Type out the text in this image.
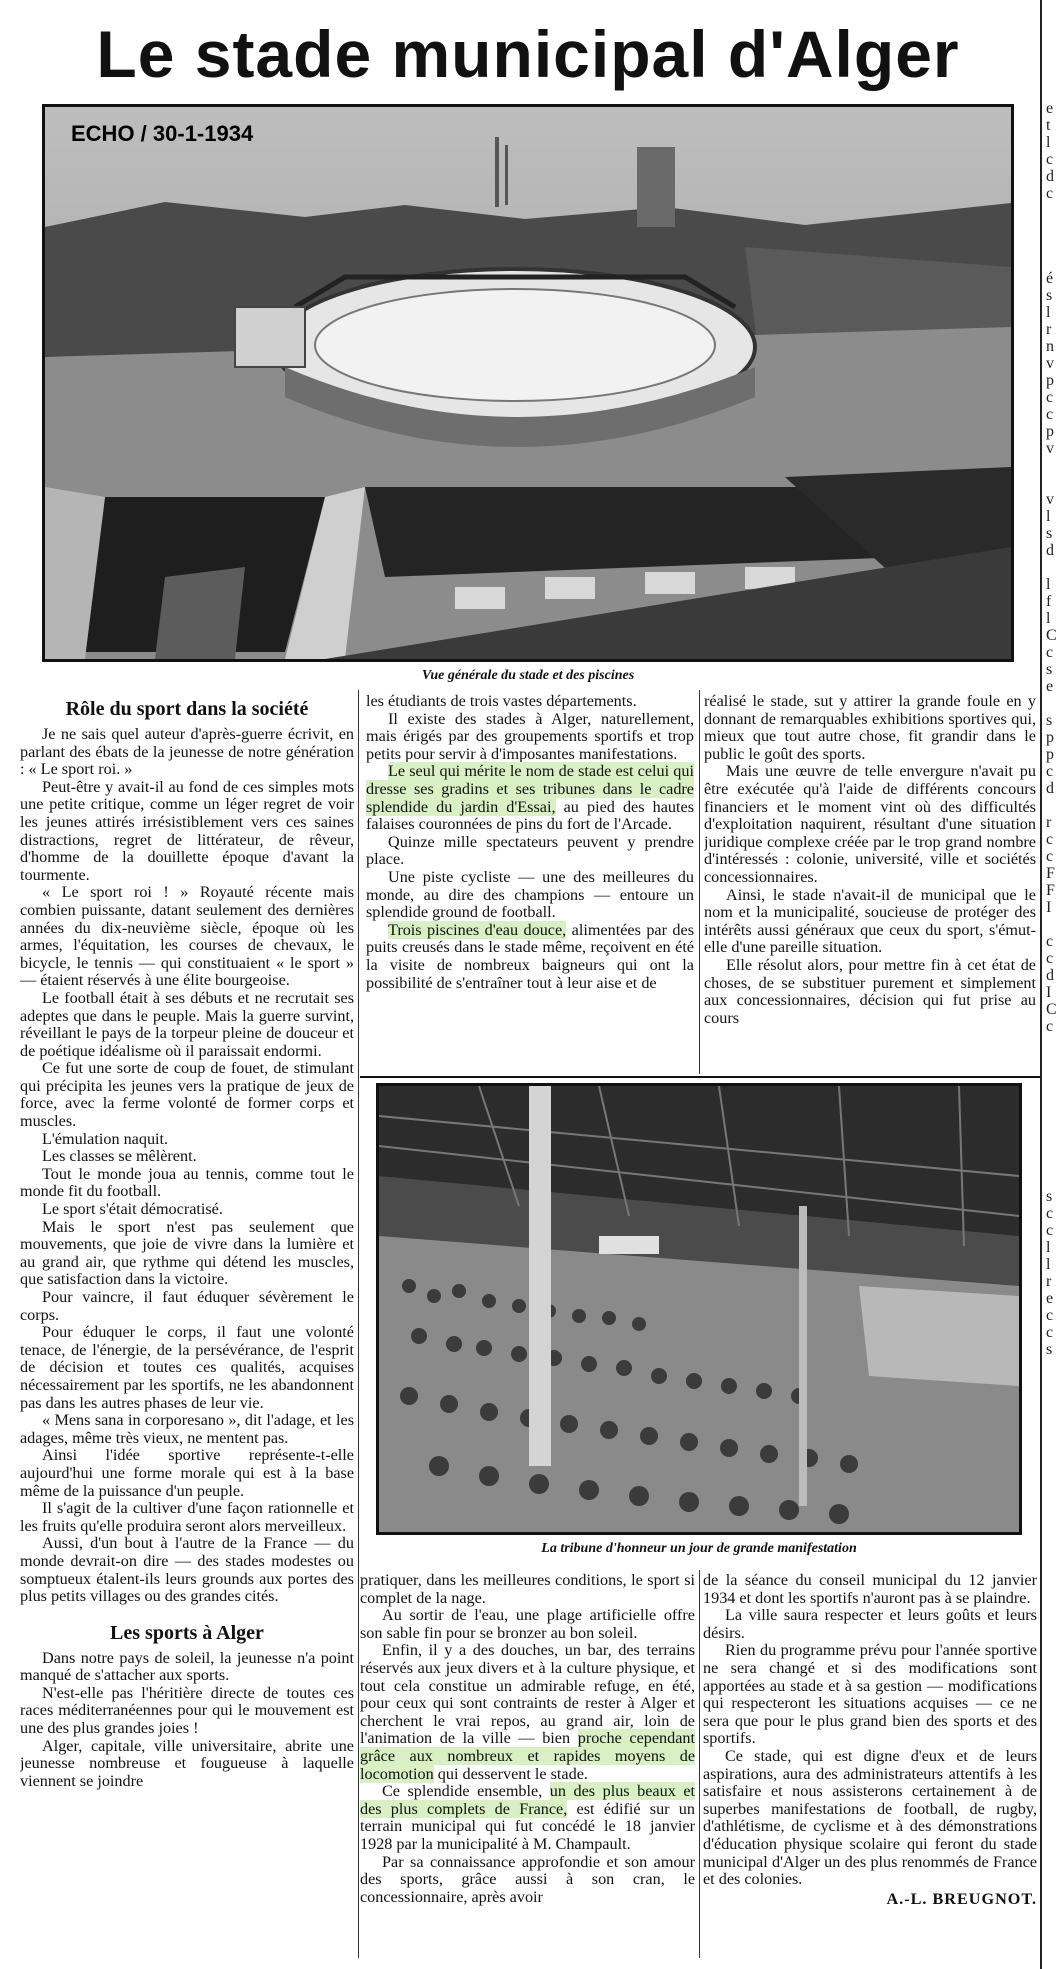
Le stade municipal d'Alger
e
t
l
c
d
c

é
s
l
r
n
v
p
c
c
p
v

v
l
s
d

l
f
l
C
c
s
e

s
p
p
c
d

r
c
c
F
F
I

c
c
d
I
C
c

s
c
c
l
l
r
e
c
c
s
ECHO / 30-1-1934
Vue générale du stade et des piscines
Rôle du sport dans la société

Je ne sais quel auteur d'après-guerre écrivit, en parlant des ébats de la jeunesse de notre génération : « Le sport roi. »

Peut-être y avait-il au fond de ces simples mots une petite critique, comme un léger regret de voir les jeunes attirés irrésistiblement vers ces saines distractions, regret de littérateur, de rêveur, d'homme de la douillette époque d'avant la tourmente.

« Le sport roi ! » Royauté récente mais combien puissante, datant seulement des dernières années du dix-neuvième siècle, époque où les armes, l'équitation, les courses de chevaux, le bicycle, le tennis — qui constituaient « le sport » — étaient réservés à une élite bourgeoise.

Le football était à ses débuts et ne recrutait ses adeptes que dans le peuple. Mais la guerre survint, réveillant le pays de la torpeur pleine de douceur et de poétique idéalisme où il paraissait endormi.

Ce fut une sorte de coup de fouet, de stimulant qui précipita les jeunes vers la pratique de jeux de force, avec la ferme volonté de former corps et muscles.

L'émulation naquit.

Les classes se mêlèrent.

Tout le monde joua au tennis, comme tout le monde fit du football.

Le sport s'était démocratisé.

Mais le sport n'est pas seulement que mouvements, que joie de vivre dans la lumière et au grand air, que rythme qui détend les muscles, que satisfaction dans la victoire.

Pour vaincre, il faut éduquer sévèrement le corps.

Pour éduquer le corps, il faut une volonté tenace, de l'énergie, de la persévérance, de l'esprit de décision et toutes ces qualités, acquises nécessairement par les sportifs, ne les abandonnent pas dans les autres phases de leur vie.

« Mens sana in corporesano », dit l'adage, et les adages, même très vieux, ne mentent pas.

Ainsi l'idée sportive représente-t-elle aujourd'hui une forme morale qui est à la base même de la puissance d'un peuple.

Il s'agit de la cultiver d'une façon rationnelle et les fruits qu'elle produira seront alors merveilleux.

Aussi, d'un bout à l'autre de la France — du monde devrait-on dire — des stades modestes ou somptueux étalent-ils leurs grounds aux portes des plus petits villages ou des grandes cités.

Les sports à Alger

Dans notre pays de soleil, la jeunesse n'a point manqué de s'attacher aux sports.

N'est-elle pas l'héritière directe de toutes ces races méditerranéennes pour qui le mouvement est une des plus grandes joies !

Alger, capitale, ville universitaire, abrite une jeunesse nombreuse et fougueuse à laquelle viennent se joindre

les étudiants de trois vastes départements.

Il existe des stades à Alger, naturellement, mais érigés par des groupements sportifs et trop petits pour servir à d'imposantes manifestations.

Le seul qui mérite le nom de stade est celui qui dresse ses gradins et ses tribunes dans le cadre splendide du jardin d'Essai, au pied des hautes falaises couronnées de pins du fort de l'Arcade.

Quinze mille spectateurs peuvent y prendre place.

Une piste cycliste — une des meilleures du monde, au dire des champions — entoure un splendide ground de football.

Trois piscines d'eau douce, alimentées par des puits creusés dans le stade même, reçoivent en été la visite de nombreux baigneurs qui ont la possibilité de s'entraîner tout à leur aise et de

réalisé le stade, sut y attirer la grande foule en y donnant de remarquables exhibitions sportives qui, mieux que tout autre chose, fit grandir dans le public le goût des sports.

Mais une œuvre de telle envergure n'avait pu être exécutée qu'à l'aide de différents concours financiers et le moment vint où des difficultés d'exploitation naquirent, résultant d'une situation juridique complexe créée par le trop grand nombre d'intéressés : colonie, université, ville et sociétés concessionnaires.

Ainsi, le stade n'avait-il de municipal que le nom et la municipalité, soucieuse de protéger des intérêts aussi généraux que ceux du sport, s'émut-elle d'une pareille situation.

Elle résolut alors, pour mettre fin à cet état de choses, de se substituer purement et simplement aux concessionnaires, décision qui fut prise au cours

La tribune d'honneur un jour de grande manifestation

pratiquer, dans les meilleures conditions, le sport si complet de la nage.

Au sortir de l'eau, une plage artificielle offre son sable fin pour se bronzer au bon soleil.

Enfin, il y a des douches, un bar, des terrains réservés aux jeux divers et à la culture physique, et tout cela constitue un admirable refuge, en été, pour ceux qui sont contraints de rester à Alger et cherchent le vrai repos, au grand air, loin de l'animation de la ville — bien proche cependant grâce aux nombreux et rapides moyens de locomotion qui desservent le stade.

Ce splendide ensemble, un des plus beaux et des plus complets de France, est édifié sur un terrain municipal qui fut concédé le 18 janvier 1928 par la municipalité à M. Champault.

Par sa connaissance approfondie et son amour des sports, grâce aussi à son cran, le concessionnaire, après avoir

de la séance du conseil municipal du 12 janvier 1934 et dont les sportifs n'auront pas à se plaindre.

La ville saura respecter et leurs goûts et leurs désirs.

Rien du programme prévu pour l'année sportive ne sera changé et si des modifications sont apportées au stade et à sa gestion — modifications qui respecteront les situations acquises — ce ne sera que pour le plus grand bien des sports et des sportifs.

Ce stade, qui est digne d'eux et de leurs aspirations, aura des administrateurs attentifs à les satisfaire et nous assisterons certainement à de superbes manifestations de football, de rugby, d'athlétisme, de cyclisme et à des démonstrations d'éducation physique scolaire qui feront du stade municipal d'Alger un des plus renommés de France et des colonies.

A.-L. BREUGNOT.
